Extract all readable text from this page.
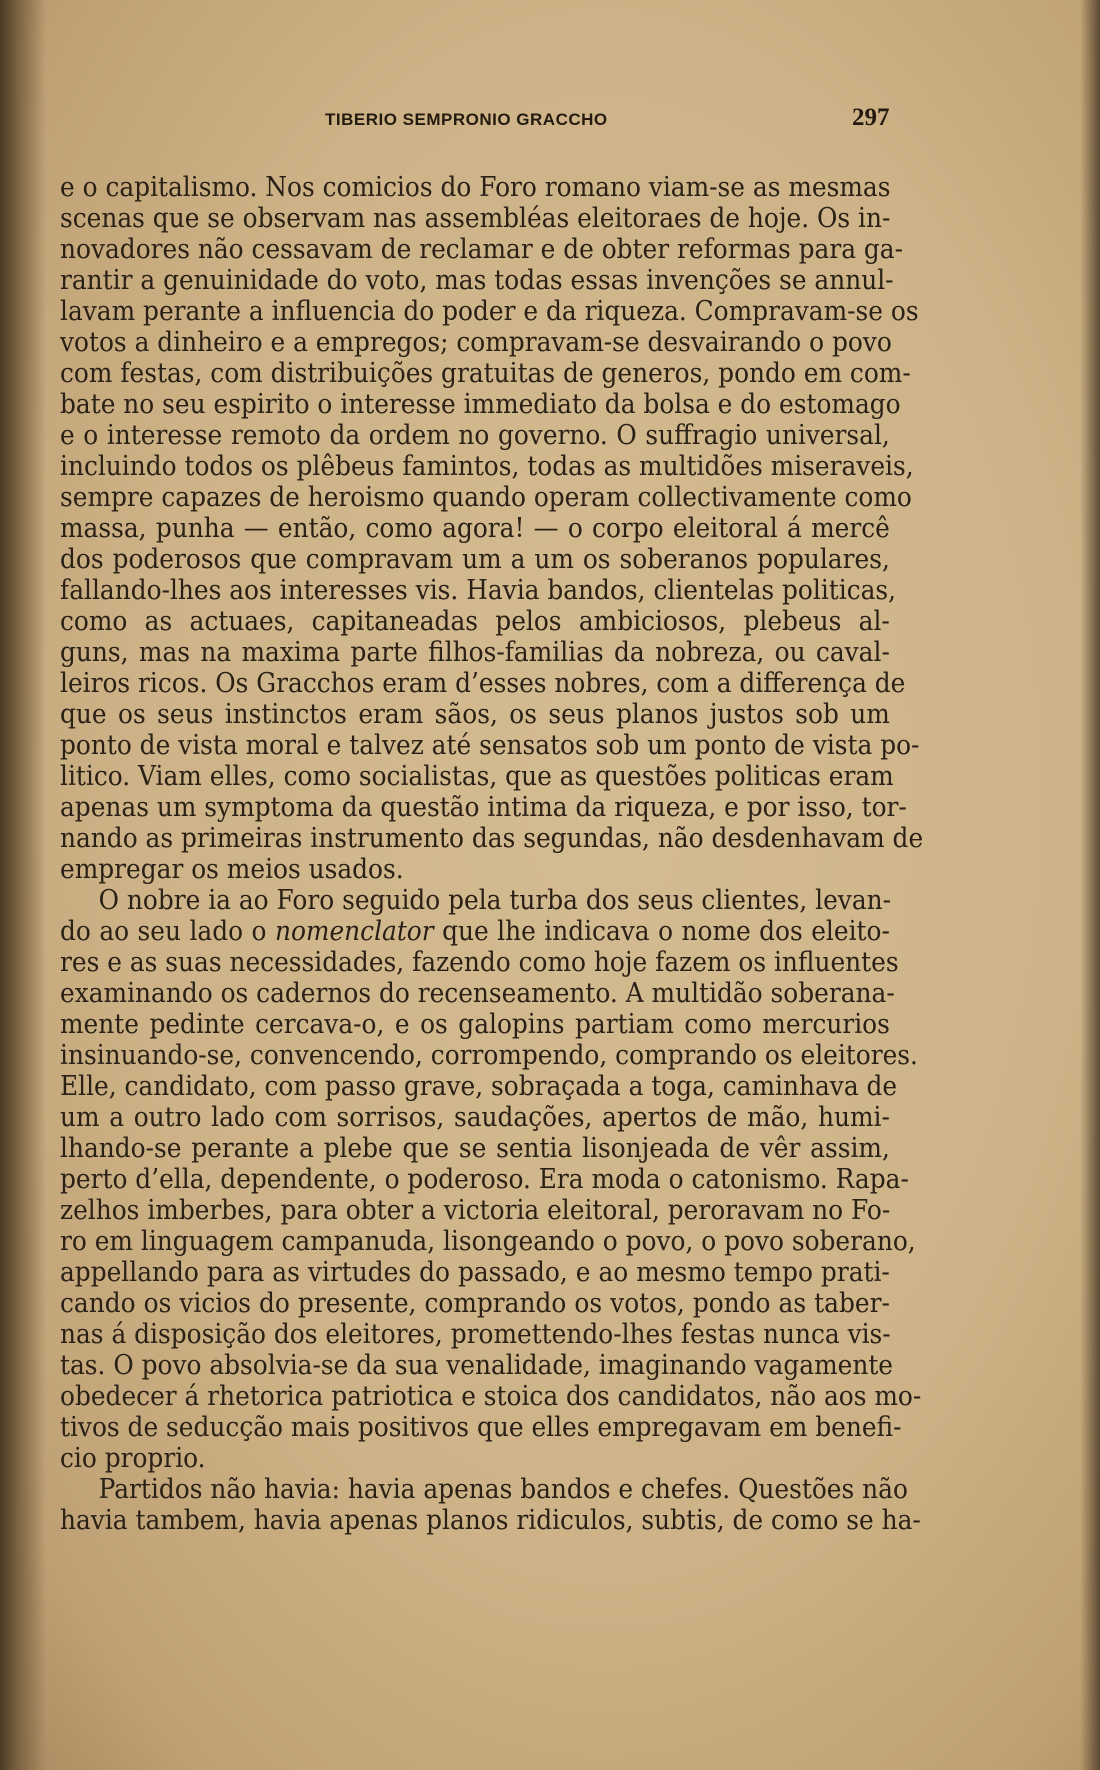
TIBERIO SEMPRONIO GRACCHO	297
e o capitalismo. Nos comicios do Foro romano viam-se as mesmas
scenas que se observam nas assembléas eleitoraes de hoje. Os in-
novadores não cessavam de reclamar e de obter reformas para ga-
rantir a genuinidade do voto, mas todas essas invenções se annul-
lavam perante a influencia do poder e da riqueza. Compravam-se os
votos a dinheiro e a empregos; compravam-se desvairando o povo
com festas, com distribuições gratuitas de generos, pondo em com-
bate no seu espirito o interesse immediato da bolsa e do estomago
e o interesse remoto da ordem no governo. O suffragio universal,
incluindo todos os plêbeus famintos, todas as multidões miseraveis,
sempre capazes de heroismo quando operam collectivamente como
massa, punha — então, como agora! — o corpo eleitoral á mercê
dos poderosos que compravam um a um os soberanos populares,
fallando-lhes aos interesses vis. Havia bandos, clientelas politicas,
como as actuaes, capitaneadas pelos ambiciosos, plebeus al-
guns, mas na maxima parte filhos-familias da nobreza, ou caval-
leiros ricos. Os Gracchos eram d’esses nobres, com a differença de
que os seus instinctos eram sãos, os seus planos justos sob um
ponto de vista moral e talvez até sensatos sob um ponto de vista po-
litico. Viam elles, como socialistas, que as questões politicas eram
apenas um symptoma da questão intima da riqueza, e por isso, tor-
nando as primeiras instrumento das segundas, não desdenhavam de
empregar os meios usados.
O nobre ia ao Foro seguido pela turba dos seus clientes, levan-
do ao seu lado o nomenclator que lhe indicava o nome dos eleito-
res e as suas necessidades, fazendo como hoje fazem os influentes
examinando os cadernos do recenseamento. A multidão soberana-
mente pedinte cercava-o, e os galopins partiam como mercurios
insinuando-se, convencendo, corrompendo, comprando os eleitores.
Elle, candidato, com passo grave, sobraçada a toga, caminhava de
um a outro lado com sorrisos, saudações, apertos de mão, humi-
lhando-se perante a plebe que se sentia lisonjeada de vêr assim,
perto d’ella, dependente, o poderoso. Era moda o catonismo. Rapa-
zelhos imberbes, para obter a victoria eleitoral, peroravam no Fo-
ro em linguagem campanuda, lisongeando o povo, o povo soberano,
appellando para as virtudes do passado, e ao mesmo tempo prati-
cando os vicios do presente, comprando os votos, pondo as taber-
nas á disposição dos eleitores, promettendo-lhes festas nunca vis-
tas. O povo absolvia-se da sua venalidade, imaginando vagamente
obedecer á rhetorica patriotica e stoica dos candidatos, não aos mo-
tivos de seducção mais positivos que elles empregavam em benefi-
cio proprio.
Partidos não havia: havia apenas bandos e chefes. Questões não
havia tambem, havia apenas planos ridiculos, subtis, de como se ha-
